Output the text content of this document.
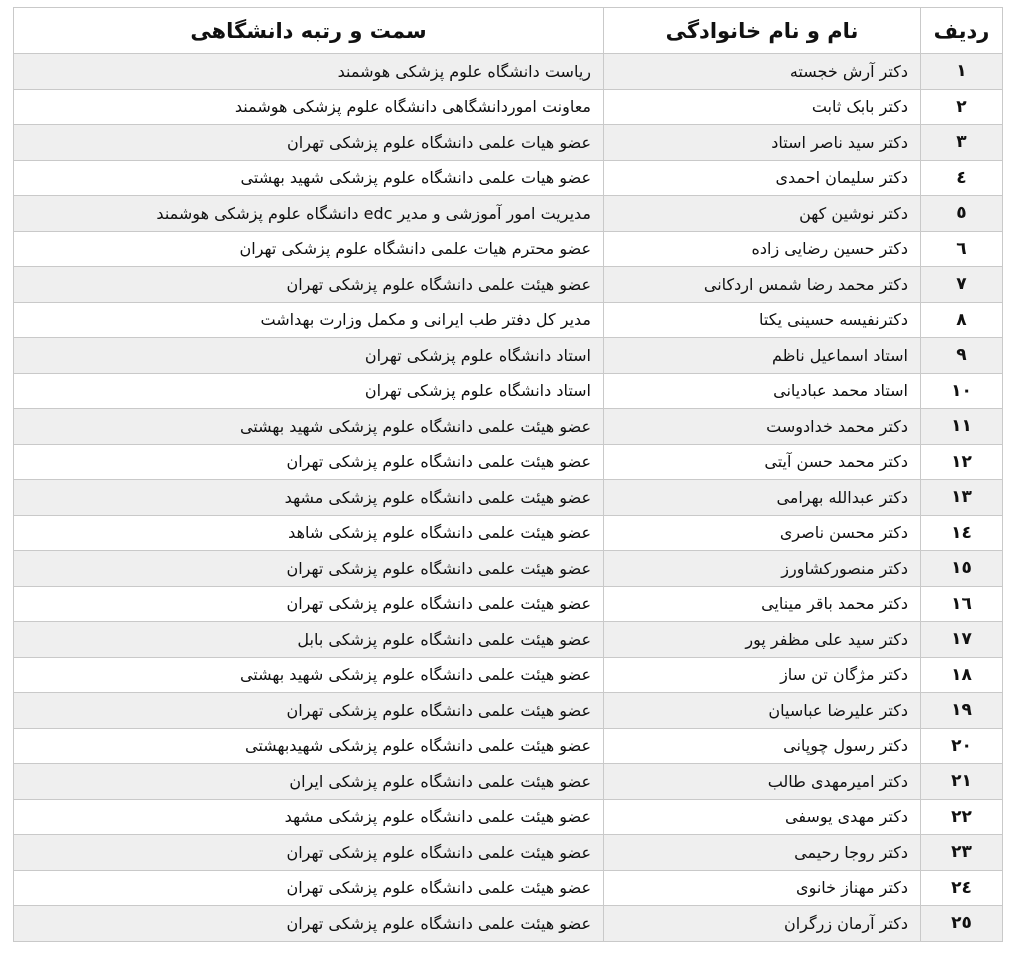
ردیف	نام و نام خانوادگی	سمت و رتبه دانشگاهی
۱	دکتر آرش خجسته	ریاست دانشگاه علوم پزشکی هوشمند
۲	دکتر بابک ثابت	معاونت اموردانشگاهی دانشگاه علوم پزشکی هوشمند
۳	دکتر سید ناصر استاد	عضو هیات علمی دانشگاه علوم پزشکی تهران
٤	دکتر سلیمان احمدی	عضو هیات علمی دانشگاه علوم پزشکی شهید بهشتی
٥	دکتر نوشین کهن	مدیریت امور آموزشی و مدیر edc دانشگاه علوم پزشکی هوشمند
٦	دکتر حسین رضایی زاده	عضو محترم هیات علمی دانشگاه علوم پزشکی تهران
۷	دکتر محمد رضا شمس اردکانی	عضو هیئت علمی دانشگاه علوم پزشکی تهران
۸	دکترنفیسه حسینی یکتا	مدیر کل دفتر طب ایرانی و مکمل وزارت بهداشت
۹	استاد اسماعیل ناظم	استاد دانشگاه علوم پزشکی تهران
۱۰	استاد محمد عبادیانی	استاد دانشگاه علوم پزشکی تهران
۱۱	دکتر محمد خدادوست	عضو هیئت علمی دانشگاه علوم پزشکی شهید بهشتی
۱۲	دکتر محمد حسن آیتی	عضو هیئت علمی دانشگاه علوم پزشکی تهران
۱۳	دکتر عبدالله بهرامی	عضو هیئت علمی دانشگاه علوم پزشکی مشهد
۱٤	دکتر محسن ناصری	عضو هیئت علمی دانشگاه علوم پزشکی شاهد
۱٥	دکتر منصورکشاورز	عضو هیئت علمی دانشگاه علوم پزشکی تهران
۱٦	دکتر محمد باقر مینایی	عضو هیئت علمی دانشگاه علوم پزشکی تهران
۱۷	دکتر سید علی مظفر پور	عضو هیئت علمی دانشگاه علوم پزشکی بابل
۱۸	دکتر مژگان تن ساز	عضو هیئت علمی دانشگاه علوم پزشکی شهید بهشتی
۱۹	دکتر علیرضا عباسیان	عضو هیئت علمی دانشگاه علوم پزشکی تهران
۲۰	دکتر رسول چوپانی	عضو هیئت علمی دانشگاه علوم پزشکی شهیدبهشتی
۲۱	دکتر امیرمهدی طالب	عضو هیئت علمی دانشگاه علوم پزشکی ایران
۲۲	دکتر مهدی یوسفی	عضو هیئت علمی دانشگاه علوم پزشکی مشهد
۲۳	دکتر روجا رحیمی	عضو هیئت علمی دانشگاه علوم پزشکی تهران
۲٤	دکتر مهناز خانوی	عضو هیئت علمی دانشگاه علوم پزشکی تهران
۲٥	دکتر آرمان زرگران	عضو هیئت علمی دانشگاه علوم پزشکی تهران
